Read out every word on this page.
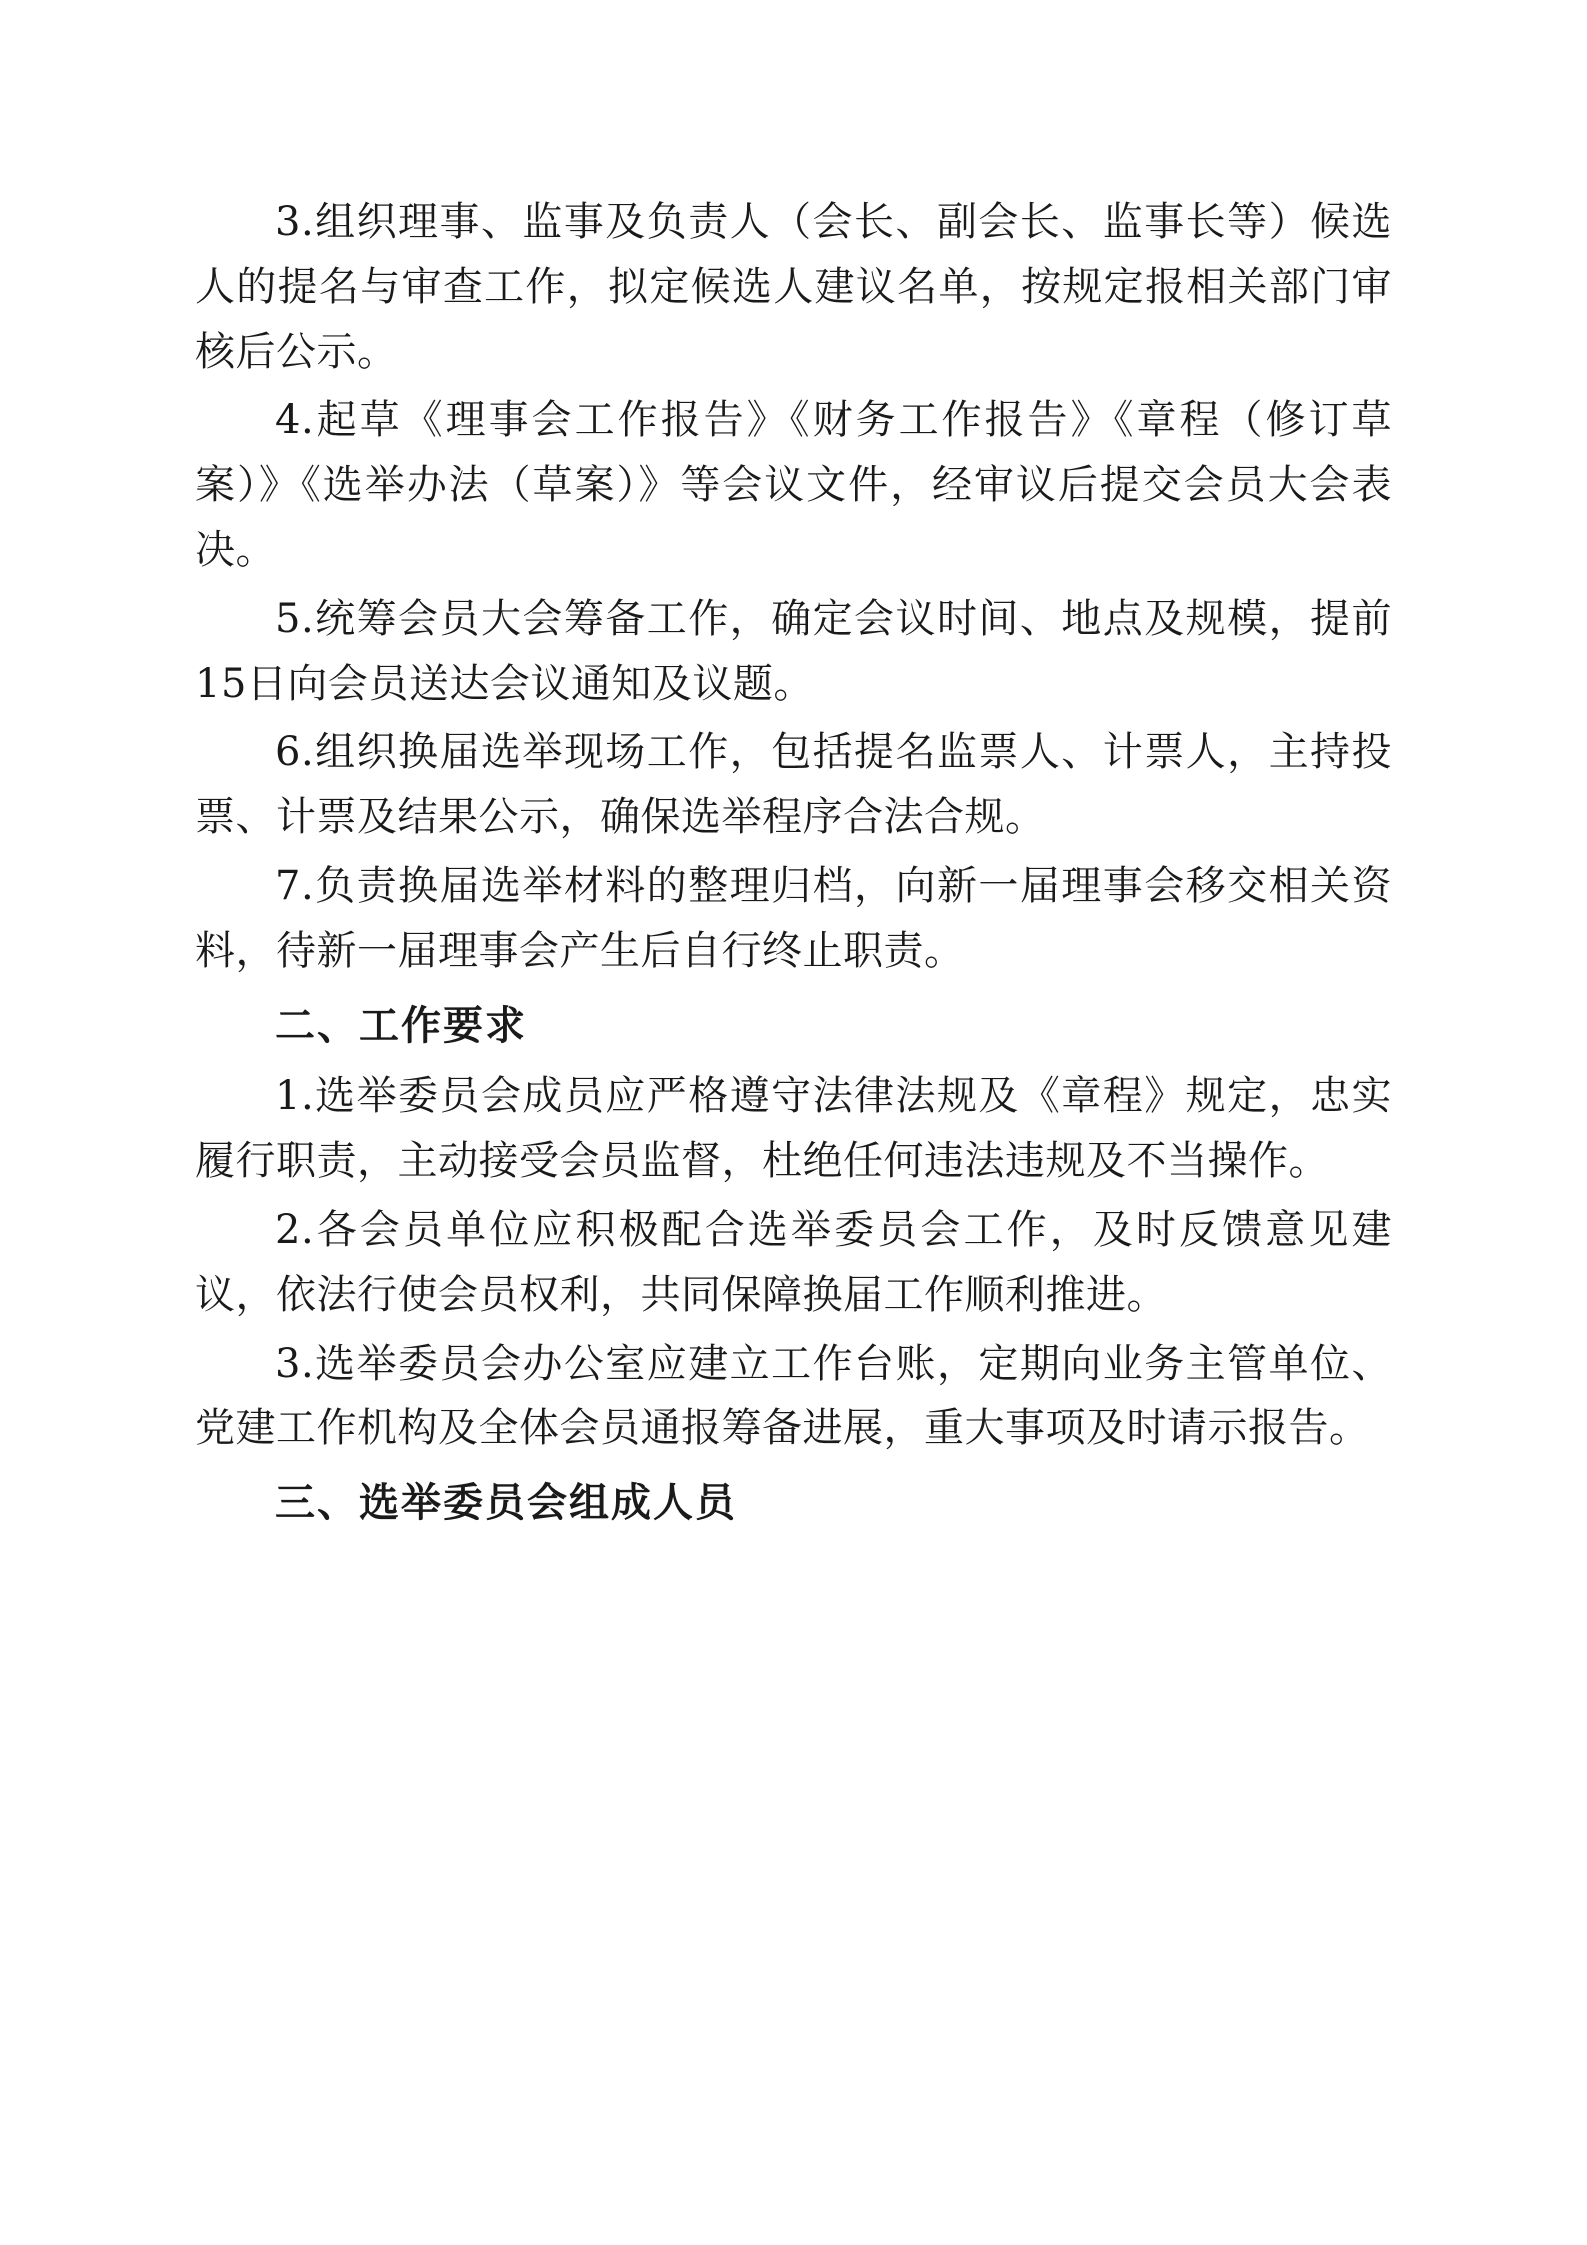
3.组织理事、监事及负责人（会长、副会长、监事长等）候选人的提名与审查工作，拟定候选人建议名单，按规定报相关部门审核后公示。

4.起草《理事会工作报告》《财务工作报告》《章程（修订草案）》《选举办法（草案）》等会议文件，经审议后提交会员大会表决。

5.统筹会员大会筹备工作，确定会议时间、地点及规模，提前15日向会员送达会议通知及议题。

6.组织换届选举现场工作，包括提名监票人、计票人，主持投票、计票及结果公示，确保选举程序合法合规。

7.负责换届选举材料的整理归档，向新一届理事会移交相关资料，待新一届理事会产生后自行终止职责。

二、工作要求

1.选举委员会成员应严格遵守法律法规及《章程》规定，忠实履行职责，主动接受会员监督，杜绝任何违法违规及不当操作。

2.各会员单位应积极配合选举委员会工作，及时反馈意见建议，依法行使会员权利，共同保障换届工作顺利推进。

3.选举委员会办公室应建立工作台账，定期向业务主管单位、党建工作机构及全体会员通报筹备进展，重大事项及时请示报告。

三、选举委员会组成人员
